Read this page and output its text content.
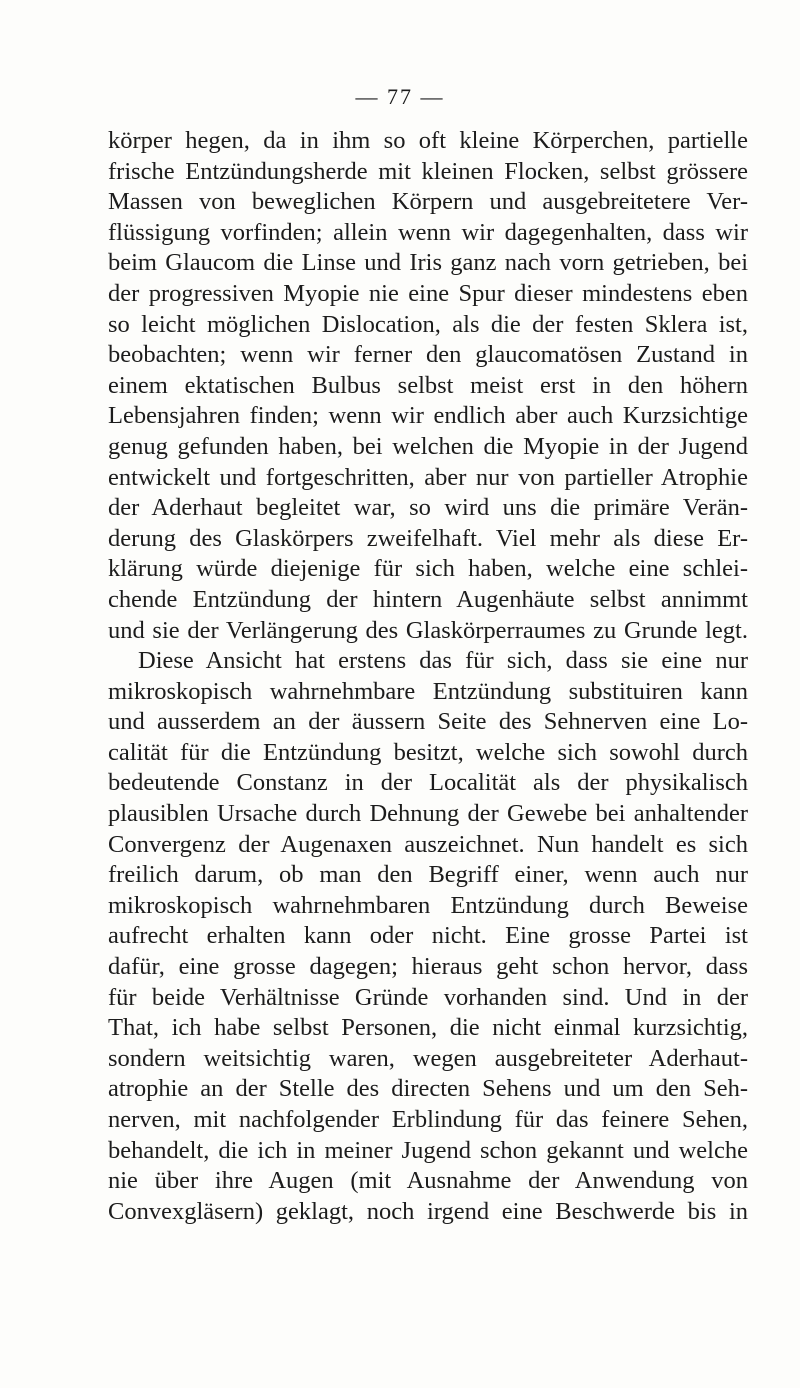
— 77 —
körper hegen, da in ihm so oft kleine Körperchen, partielle
frische Entzündungsherde mit kleinen Flocken, selbst grössere
Massen von beweglichen Körpern und ausgebreitetere Ver-
flüssigung vorfinden; allein wenn wir dagegenhalten, dass wir
beim Glaucom die Linse und Iris ganz nach vorn getrieben, bei
der progressiven Myopie nie eine Spur dieser mindestens eben
so leicht möglichen Dislocation, als die der festen Sklera ist,
beobachten; wenn wir ferner den glaucomatösen Zustand in
einem ektatischen Bulbus selbst meist erst in den höhern
Lebensjahren finden; wenn wir endlich aber auch Kurzsichtige
genug gefunden haben, bei welchen die Myopie in der Jugend
entwickelt und fortgeschritten, aber nur von partieller Atrophie
der Aderhaut begleitet war, so wird uns die primäre Verän-
derung des Glaskörpers zweifelhaft. Viel mehr als diese Er-
klärung würde diejenige für sich haben, welche eine schlei-
chende Entzündung der hintern Augenhäute selbst annimmt
und sie der Verlängerung des Glaskörperraumes zu Grunde legt.
Diese Ansicht hat erstens das für sich, dass sie eine nur
mikroskopisch wahrnehmbare Entzündung substituiren kann
und ausserdem an der äussern Seite des Sehnerven eine Lo-
calität für die Entzündung besitzt, welche sich sowohl durch
bedeutende Constanz in der Localität als der physikalisch
plausiblen Ursache durch Dehnung der Gewebe bei anhaltender
Convergenz der Augenaxen auszeichnet. Nun handelt es sich
freilich darum, ob man den Begriff einer, wenn auch nur
mikroskopisch wahrnehmbaren Entzündung durch Beweise
aufrecht erhalten kann oder nicht. Eine grosse Partei ist
dafür, eine grosse dagegen; hieraus geht schon hervor, dass
für beide Verhältnisse Gründe vorhanden sind. Und in der
That, ich habe selbst Personen, die nicht einmal kurzsichtig,
sondern weitsichtig waren, wegen ausgebreiteter Aderhaut-
atrophie an der Stelle des directen Sehens und um den Seh-
nerven, mit nachfolgender Erblindung für das feinere Sehen,
behandelt, die ich in meiner Jugend schon gekannt und welche
nie über ihre Augen (mit Ausnahme der Anwendung von
Convexgläsern) geklagt, noch irgend eine Beschwerde bis in
